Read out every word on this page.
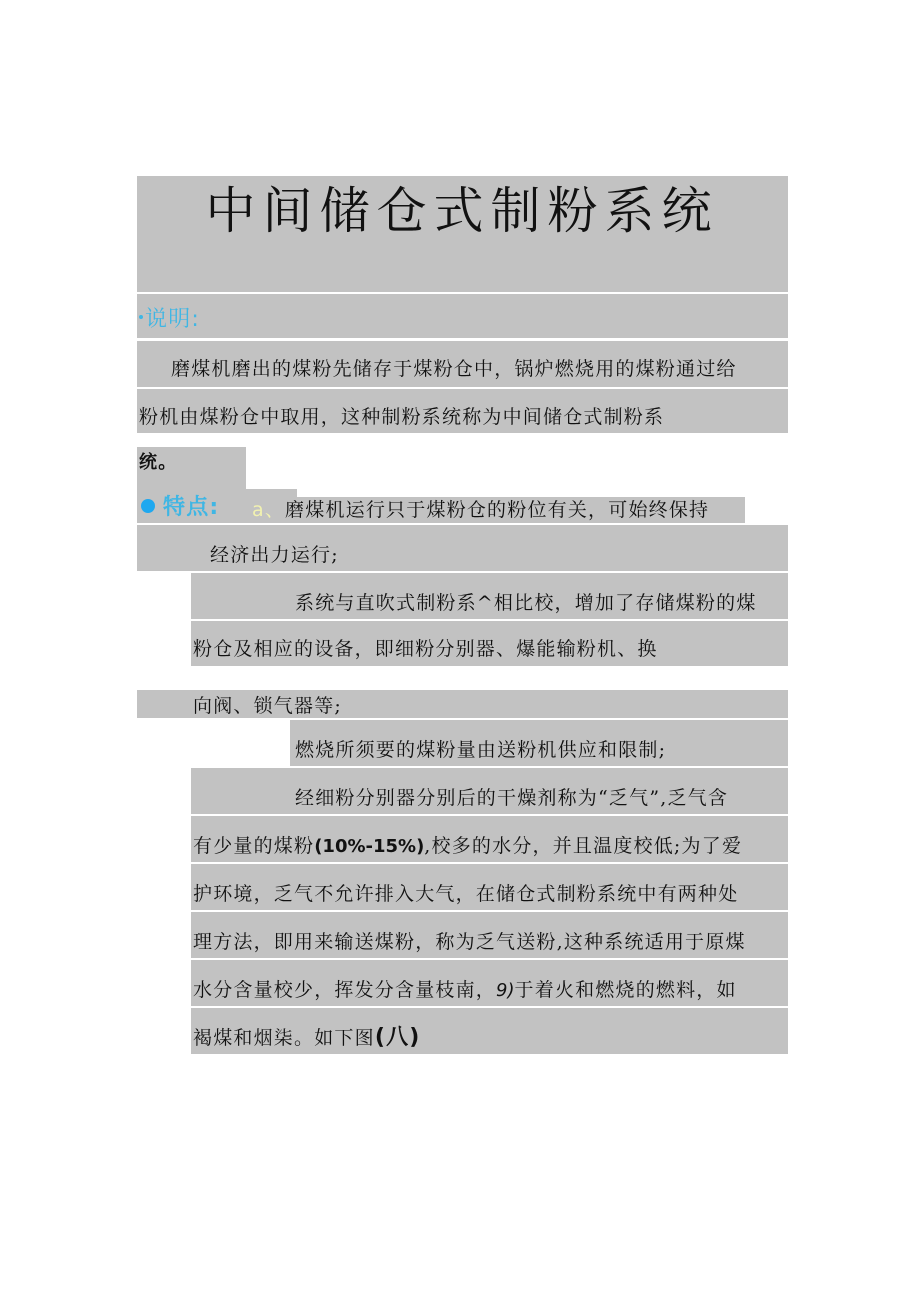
中间储仓式制粉系统
说明:
磨煤机磨出的煤粉先储存于煤粉仓中，锅炉燃烧用的煤粉通过给
粉机由煤粉仓中取用，这种制粉系统称为中间储仓式制粉系
统。
特点: a、磨煤机运行只于煤粉仓的粉位有关，可始终保持
经济出力运行;
系统与直吹式制粉系^相比校，增加了存储煤粉的煤
粉仓及相应的设备，即细粉分别器、爆能输粉机、换
向阀、锁气器等;
燃烧所须要的煤粉量由送粉机供应和限制;
经细粉分别器分别后的干燥剂称为“乏气”,乏气含
有少量的煤粉(10%-15%),校多的水分，并且温度校低;为了爱
护环境，乏气不允许排入大气，在储仓式制粉系统中有两种处
理方法，即用来输送煤粉，称为乏气送粉,这种系统适用于原煤
水分含量校少，挥发分含量枝南，9)于着火和燃烧的燃料，如
褐煤和烟柒。如下图(八)
